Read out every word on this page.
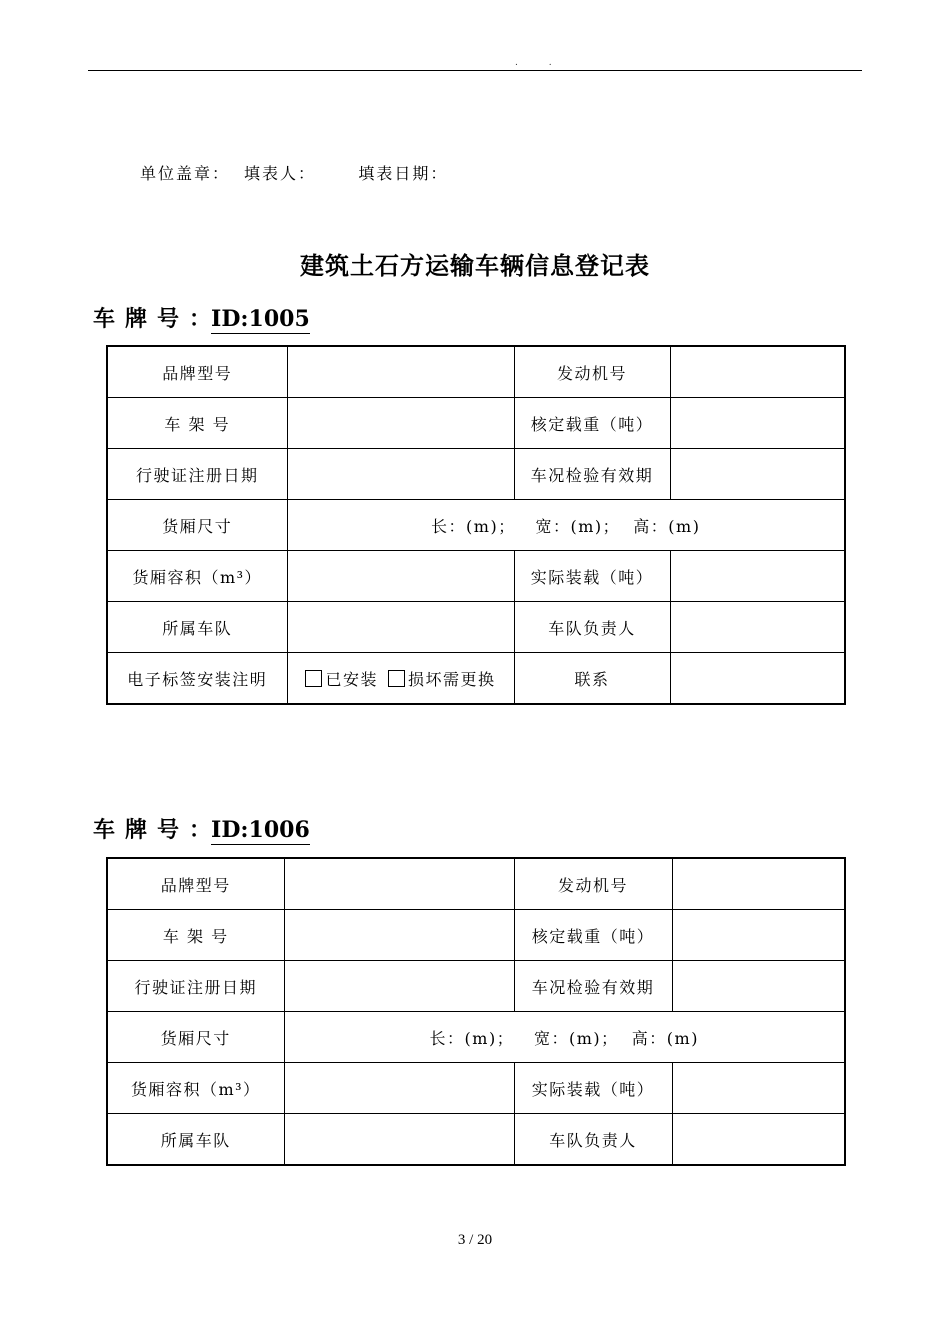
. .
单位盖章： 填表人：	填表日期：
建筑土石方运输车辆信息登记表
车牌号：ID:1005
品牌型号		发动机号	
车 架 号		核定载重（吨）	
行驶证注册日期		车况检验有效期	
货厢尺寸	长：(m)；   宽：(m)；  高：(m)		
货厢容积（m³）		实际装载（吨）	
所属车队		车队负责人	
电子标签安装注明	已安装 损坏需更换	联系	
车牌号：ID:1006
品牌型号		发动机号	
车 架 号		核定载重（吨）	
行驶证注册日期		车况检验有效期	
货厢尺寸	长：(m)；   宽：(m)；  高：(m)		
货厢容积（m³）		实际装载（吨）	
所属车队		车队负责人	
3 / 20
